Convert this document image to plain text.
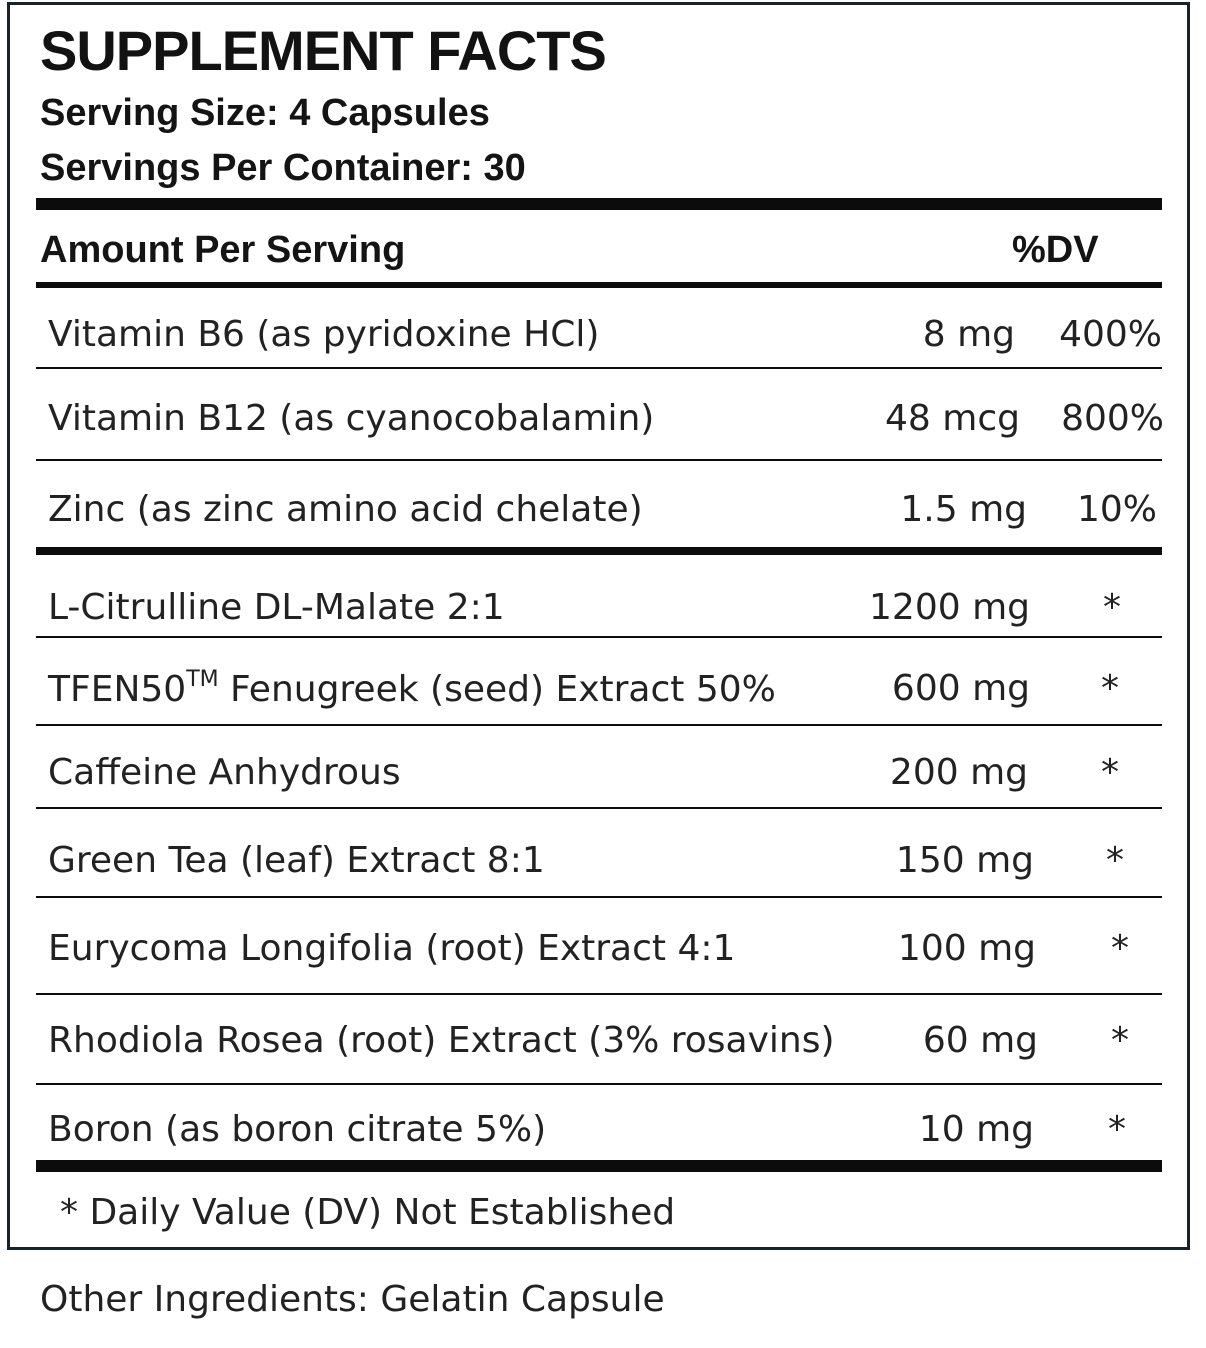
SUPPLEMENT FACTS
Serving Size: 4 Capsules
Servings Per Container: 30
Amount Per Serving	%DV
Vitamin B6 (as pyridoxine HCl)	8 mg	400%
Vitamin B12 (as cyanocobalamin)	48 mcg	800%
Zinc (as zinc amino acid chelate)	1.5 mg	10%
L-Citrulline DL-Malate 2:1	1200 mg *
TFEN50™ Fenugreek (seed) Extract 50%	600 mg *
Caffeine Anhydrous	200 mg *
Green Tea (leaf) Extract 8:1	150 mg *
Eurycoma Longifolia (root) Extract 4:1	100 mg *
Rhodiola Rosea (root) Extract (3% rosavins)	60 mg *
Boron (as boron citrate 5%)	10 mg *
* Daily Value (DV) Not Established
Other Ingredients: Gelatin Capsule
